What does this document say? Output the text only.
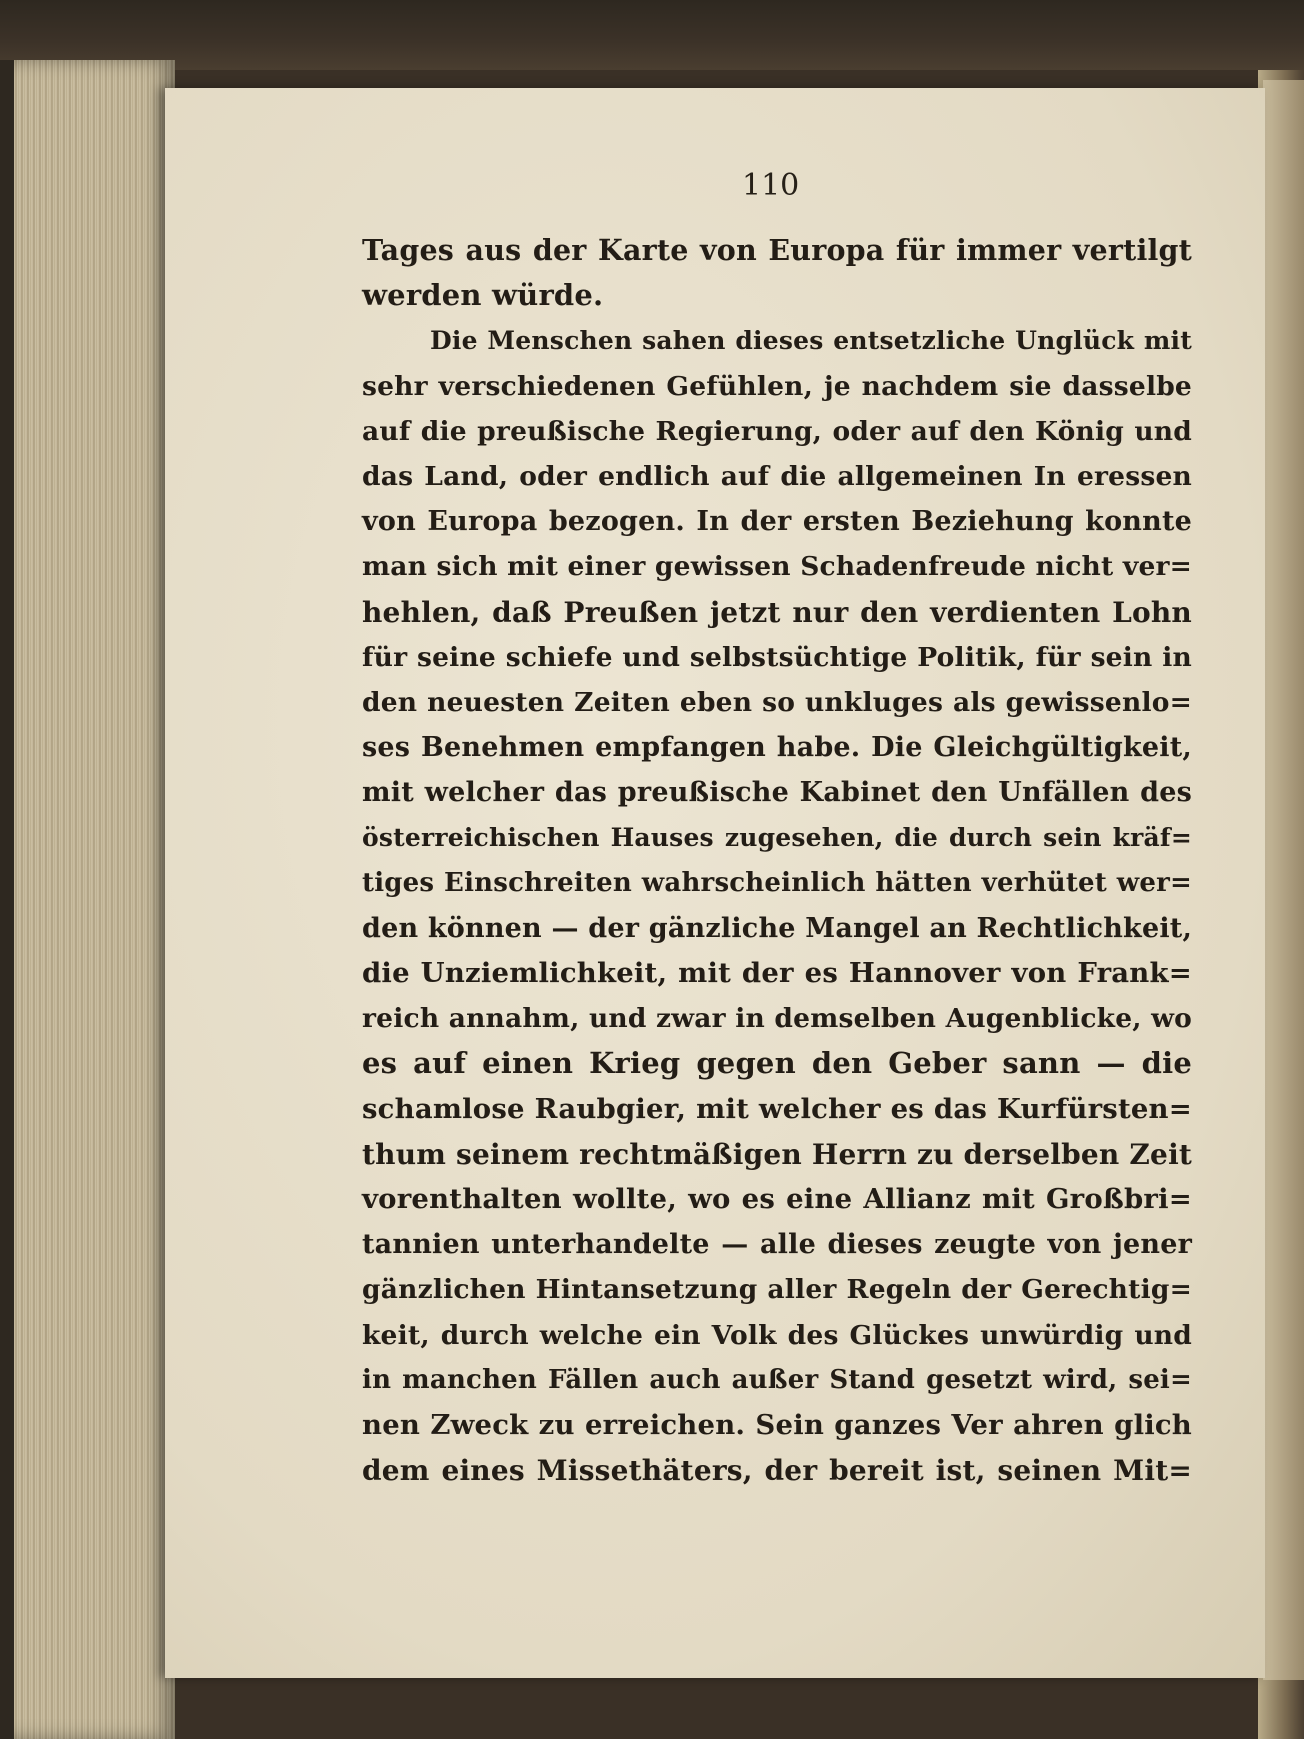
110
Tages aus der Karte von Europa für immer vertilgt
werden würde.
Die Menschen sahen dieses entsetzliche Unglück mit
sehr verschiedenen Gefühlen, je nachdem sie dasselbe
auf die preußische Regierung, oder auf den König und
das Land, oder endlich auf die allgemeinen In eressen
von Europa bezogen. In der ersten Beziehung konnte
man sich mit einer gewissen Schadenfreude nicht ver=
hehlen, daß Preußen jetzt nur den verdienten Lohn
für seine schiefe und selbstsüchtige Politik, für sein in
den neuesten Zeiten eben so unkluges als gewissenlo=
ses Benehmen empfangen habe. Die Gleichgültigkeit,
mit welcher das preußische Kabinet den Unfällen des
österreichischen Hauses zugesehen, die durch sein kräf=
tiges Einschreiten wahrscheinlich hätten verhütet wer=
den können — der gänzliche Mangel an Rechtlichkeit,
die Unziemlichkeit, mit der es Hannover von Frank=
reich annahm, und zwar in demselben Augenblicke, wo
es auf einen Krieg gegen den Geber sann — die
schamlose Raubgier, mit welcher es das Kurfürsten=
thum seinem rechtmäßigen Herrn zu derselben Zeit
vorenthalten wollte, wo es eine Allianz mit Großbri=
tannien unterhandelte — alle dieses zeugte von jener
gänzlichen Hintansetzung aller Regeln der Gerechtig=
keit, durch welche ein Volk des Glückes unwürdig und
in manchen Fällen auch außer Stand gesetzt wird, sei=
nen Zweck zu erreichen. Sein ganzes Ver ahren glich
dem eines Missethäters, der bereit ist, seinen Mit=
